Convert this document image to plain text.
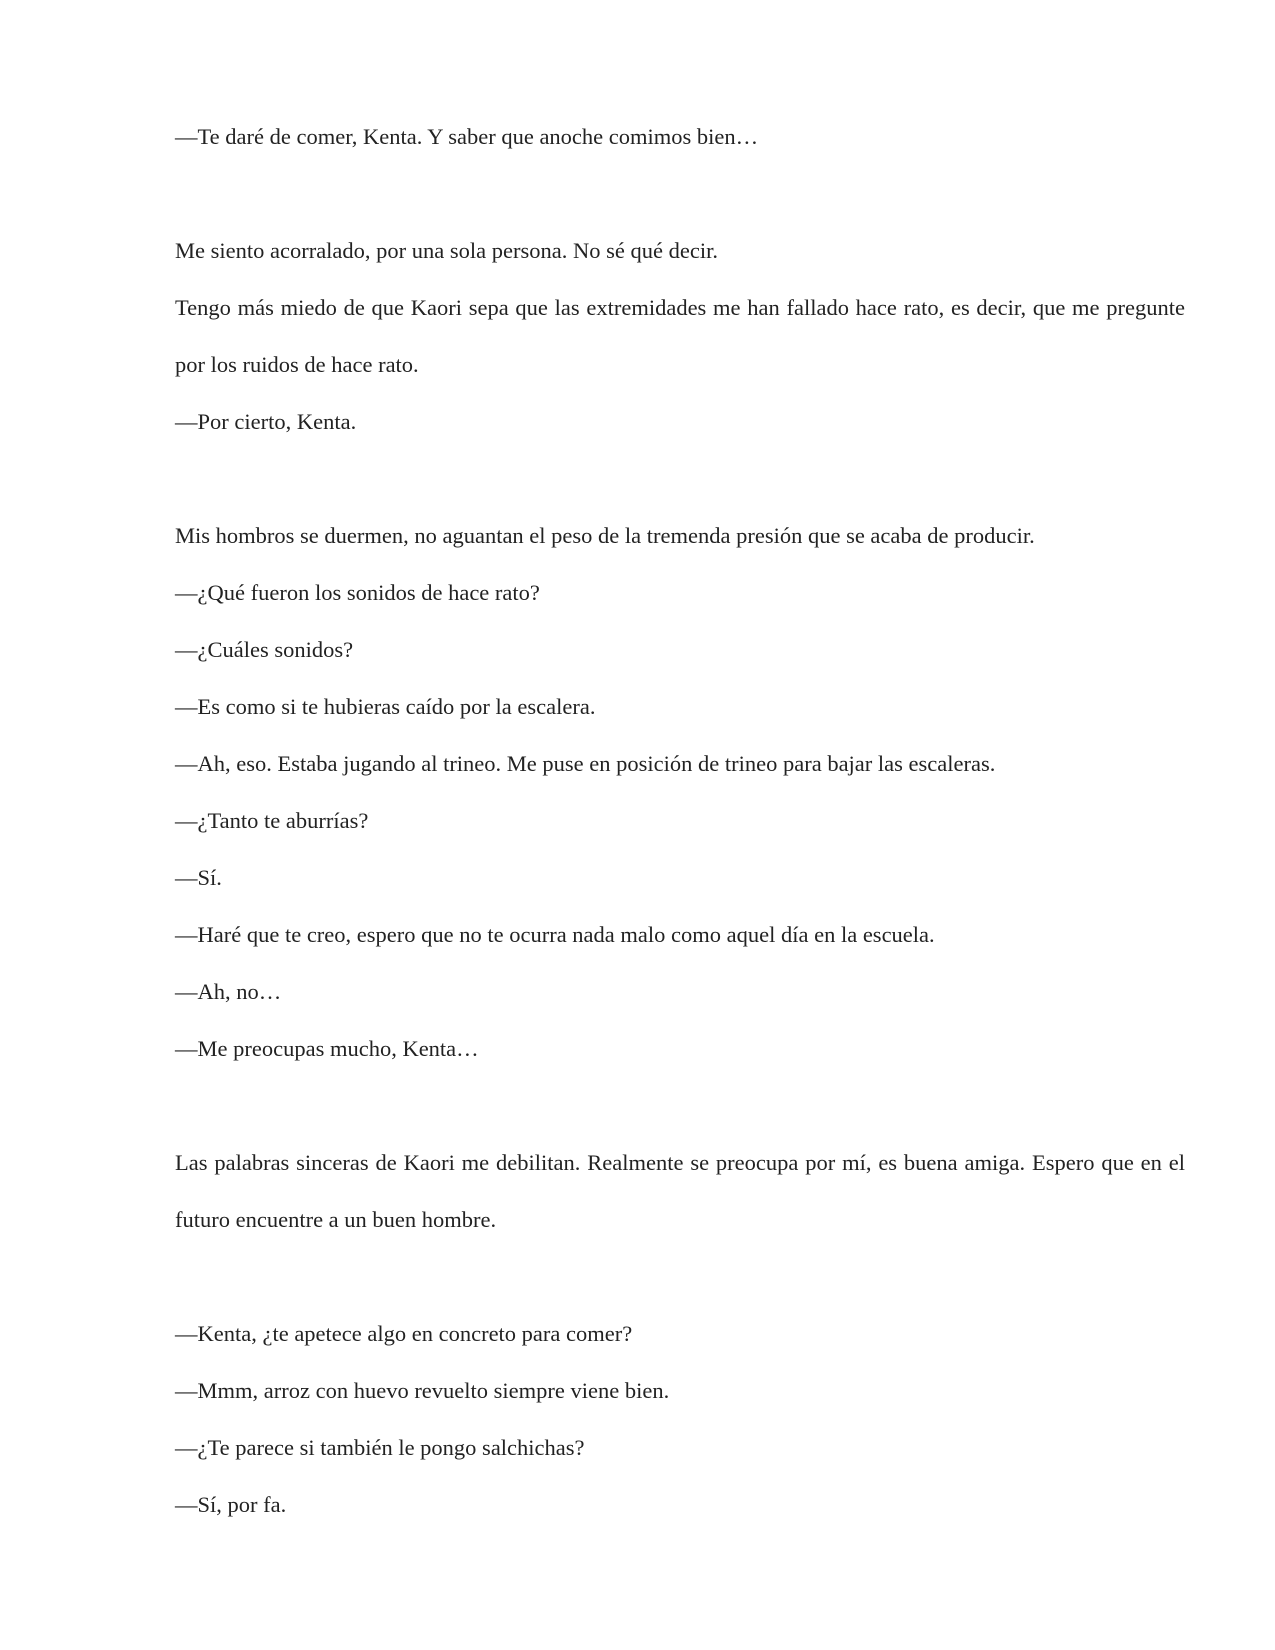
—Te daré de comer, Kenta. Y saber que anoche comimos bien…

Me siento acorralado, por una sola persona. No sé qué decir.

Tengo más miedo de que Kaori sepa que las extremidades me han fallado hace rato, es decir, que me pregunte por los ruidos de hace rato.

—Por cierto, Kenta.

Mis hombros se duermen, no aguantan el peso de la tremenda presión que se acaba de producir.

—¿Qué fueron los sonidos de hace rato?

—¿Cuáles sonidos?

—Es como si te hubieras caído por la escalera.

—Ah, eso. Estaba jugando al trineo. Me puse en posición de trineo para bajar las escaleras.

—¿Tanto te aburrías?

—Sí.

—Haré que te creo, espero que no te ocurra nada malo como aquel día en la escuela.

—Ah, no…

—Me preocupas mucho, Kenta…

Las palabras sinceras de Kaori me debilitan. Realmente se preocupa por mí, es buena amiga. Espero que en el futuro encuentre a un buen hombre.

—Kenta, ¿te apetece algo en concreto para comer?

—Mmm, arroz con huevo revuelto siempre viene bien.

—¿Te parece si también le pongo salchichas?

—Sí, por fa.
